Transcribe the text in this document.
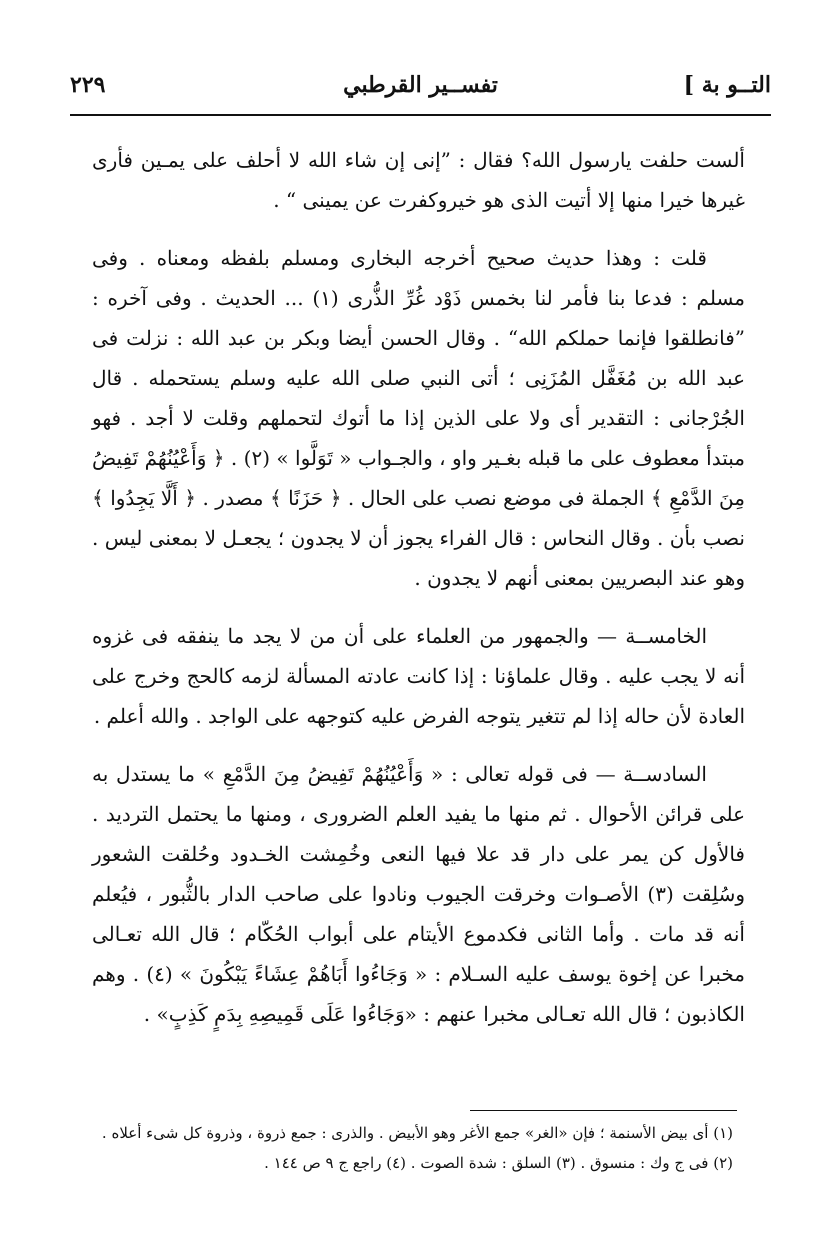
التــو بة ]
تفســير القرطبي
٢٢٩

ألست حلفت يارسول الله؟ فقال : ”إنى إن شاء الله لا أحلف على يمـين فأرى غيرها خيرا منها إلا أتيت الذى هو خيروكفرت عن يمينى “ .

قلت : وهذا حديث صحيح أخرجه البخارى ومسلم بلفظه ومعناه . وفى مسلم : فدعا بنا فأمر لنا بخمس ذَوْد غُرِّ الذُّرى (١) ... الحديث . وفى آخره : ”فانطلقوا فإنما حملكم الله“ . وقال الحسن أيضا وبكر بن عبد الله : نزلت فى عبد الله بن مُغَفَّل المُزَنِى ؛ أتى النبي صلى الله عليه وسلم يستحمله . قال الجُرْجانى : التقدير أى ولا على الذين إذا ما أتوك لتحملهم وقلت لا أجد . فهو مبتدأ معطوف على ما قبله بغـير واو ، والجـواب « تَوَلَّوا » (٢) . ﴿ وَأَعْيُنُهُمْ تَفِيضُ مِنَ الدَّمْعِ ﴾ الجملة فى موضع نصب على الحال . ﴿ حَزَنًا ﴾ مصدر . ﴿ أَلَّا يَجِدُوا ﴾ نصب بأن . وقال النحاس : قال الفراء يجوز أن لا يجدون ؛ يجعـل لا بمعنى ليس . وهو عند البصريين بمعنى أنهم لا يجدون .

الخامســة — والجمهور من العلماء على أن من لا يجد ما ينفقه فى غزوه أنه لا يجب عليه . وقال علماؤنا : إذا كانت عادته المسألة لزمه كالحج وخرج على العادة لأن حاله إذا لم تتغير يتوجه الفرض عليه كتوجهه على الواجد . والله أعلم .

السادســة — فى قوله تعالى : « وَأَعْيُنُهُمْ تَفِيضُ مِنَ الدَّمْعِ » ما يستدل به على قرائن الأحوال . ثم منها ما يفيد العلم الضرورى ، ومنها ما يحتمل الترديد . فالأول كن يمر على دار قد علا فيها النعى وخُمِشت الخـدود وحُلقت الشعور وسُلِقت (٣) الأصـوات وخرقت الجيوب ونادوا على صاحب الدار بالثُّبور ، فيُعلم أنه قد مات . وأما الثانى فكدموع الأيتام على أبواب الحُكّام ؛ قال الله تعـالى مخبرا عن إخوة يوسف عليه السـلام : « وَجَاءُوا أَبَاهُمْ عِشَاءً يَبْكُونَ » (٤) . وهم الكاذبون ؛ قال الله تعـالى مخبرا عنهم : «وَجَاءُوا عَلَى قَمِيصِهِ بِدَمٍ كَذِبٍ» .

(١) أى بيض الأسنمة ؛ فإن «الغر» جمع الأغر وهو الأبيض . والذرى : جمع ذروة ، وذروة كل شىء أعلاه .
(٢) فى ج وك : منسوق . (٣) السلق : شدة الصوت . (٤) راجع ج ٩ ص ١٤٤ .
